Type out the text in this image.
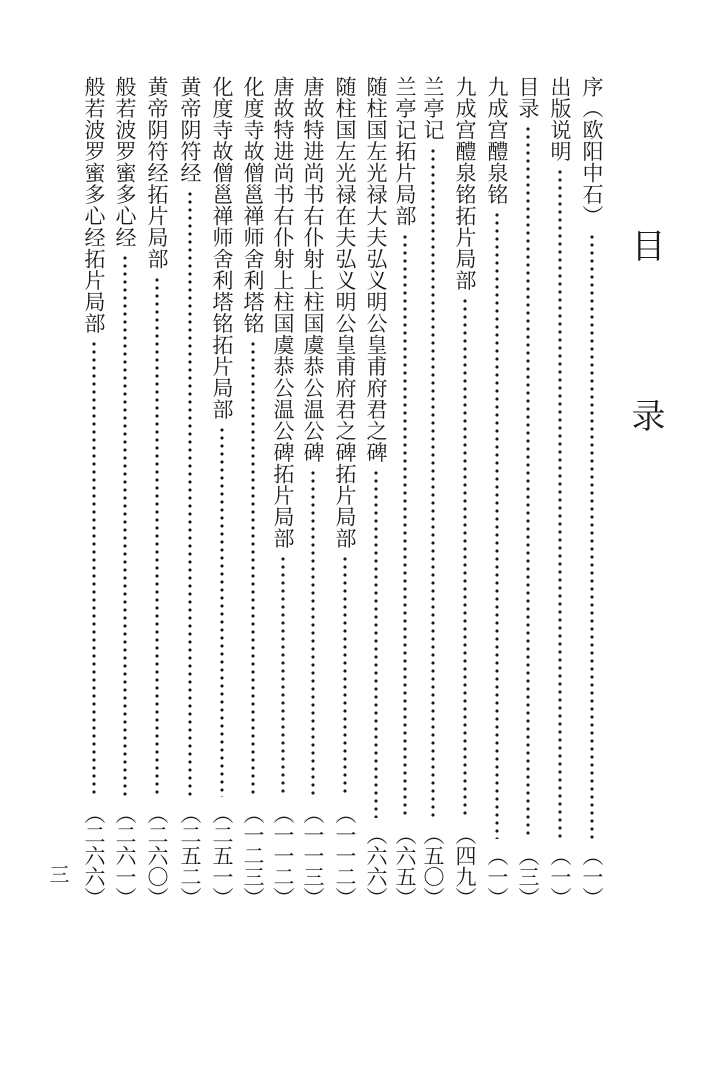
目
录
序（欧阳中石）
（一）
出版说明
（一）
目录
（三）
九成宫醴泉铭
（一）
九成宫醴泉铭拓片局部
（四九）
兰亭记
（五〇）
兰亭记拓片局部
（六五）
随柱国左光禄大夫弘义明公皇甫府君之碑
（六六）
随柱国左光禄在夫弘义明公皇甫府君之碑拓片局部
（一一二）
唐故特进尚书右仆射上柱国虞恭公温公碑
（一一三）
唐故特进尚书右仆射上柱国虞恭公温公碑拓片局部
（一一二）
化度寺故僧邕禅师舍利塔铭
（一二三）
化度寺故僧邕禅师舍利塔铭拓片局部
（二五一）
黄帝阴符经
（二五二）
黄帝阴符经拓片局部
（二六〇）
般若波罗蜜多心经
（二六一）
般若波罗蜜多心经拓片局部
（二六六）
三
